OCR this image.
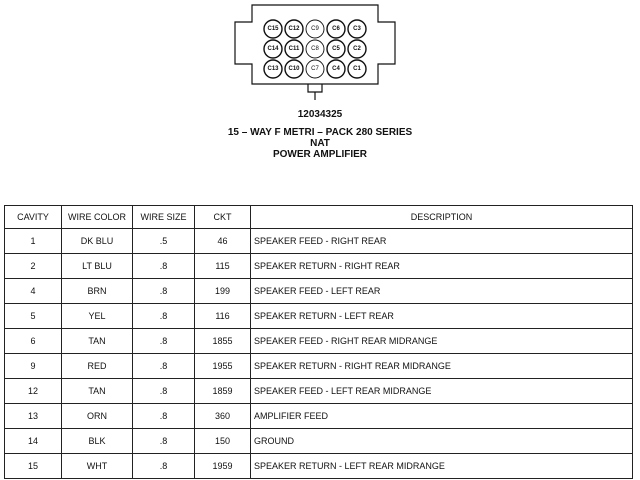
C15 C12 C9 C6 C3
C14 C11 C8 C5 C2
C13 C10 C7 C4 C1
12034325
15 – WAY F METRI – PACK 280 SERIES
NAT
POWER AMPLIFIER
CAVITY	WIRE COLOR	WIRE SIZE	CKT	DESCRIPTION
1	DK BLU	.5	46	SPEAKER FEED - RIGHT REAR
2	LT BLU	.8	115	SPEAKER RETURN - RIGHT REAR
4	BRN	.8	199	SPEAKER FEED - LEFT REAR
5	YEL	.8	116	SPEAKER RETURN - LEFT REAR
6	TAN	.8	1855	SPEAKER FEED - RIGHT REAR MIDRANGE
9	RED	.8	1955	SPEAKER RETURN - RIGHT REAR MIDRANGE
12	TAN	.8	1859	SPEAKER FEED - LEFT REAR MIDRANGE
13	ORN	.8	360	AMPLIFIER FEED
14	BLK	.8	150	GROUND
15	WHT	.8	1959	SPEAKER RETURN - LEFT REAR MIDRANGE
